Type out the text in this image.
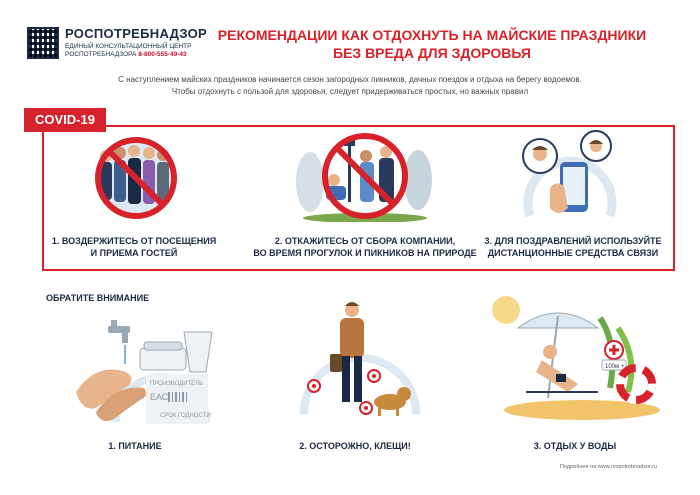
РОСПОТРЕБНАДЗОР
ЕДИНЫЙ КОНСУЛЬТАЦИОННЫЙ ЦЕНТР
РОСПОТРЕБНАДЗОРА 8-800-555-49-43
РЕКОМЕНДАЦИИ КАК ОТДОХНУТЬ НА МАЙСКИЕ ПРАЗДНИКИ
БЕЗ ВРЕДА ДЛЯ ЗДОРОВЬЯ
С наступлением майских праздников начинается сезон загородных пикников, дачных поездок и отдыха на берегу водоемов.
Чтобы отдохнуть с пользой для здоровья, следует придерживаться простых, но важных правил
COVID-19
1. ВОЗДЕРЖИТЕСЬ ОТ ПОСЕЩЕНИЯ
И ПРИЕМА ГОСТЕЙ
2. ОТКАЖИТЕСЬ ОТ СБОРА КОМПАНИИ,
ВО ВРЕМЯ ПРОГУЛОК И ПИКНИКОВ НА ПРИРОДЕ
3. ДЛЯ ПОЗДРАВЛЕНИЙ ИСПОЛЬЗУЙТЕ
ДИСТАНЦИОННЫЕ СРЕДСТВА СВЯЗИ
ОБРАТИТЕ ВНИМАНИЕ
ПРОИЗВОДИТЕЛЬ
ЕАС
СРОК ГОДНОСТИ
100м +
1. ПИТАНИЕ	2. ОСТОРОЖНО, КЛЕЩИ!	3. ОТДЫХ У ВОДЫ
Подробнее на www.rospotrebnadzor.ru
